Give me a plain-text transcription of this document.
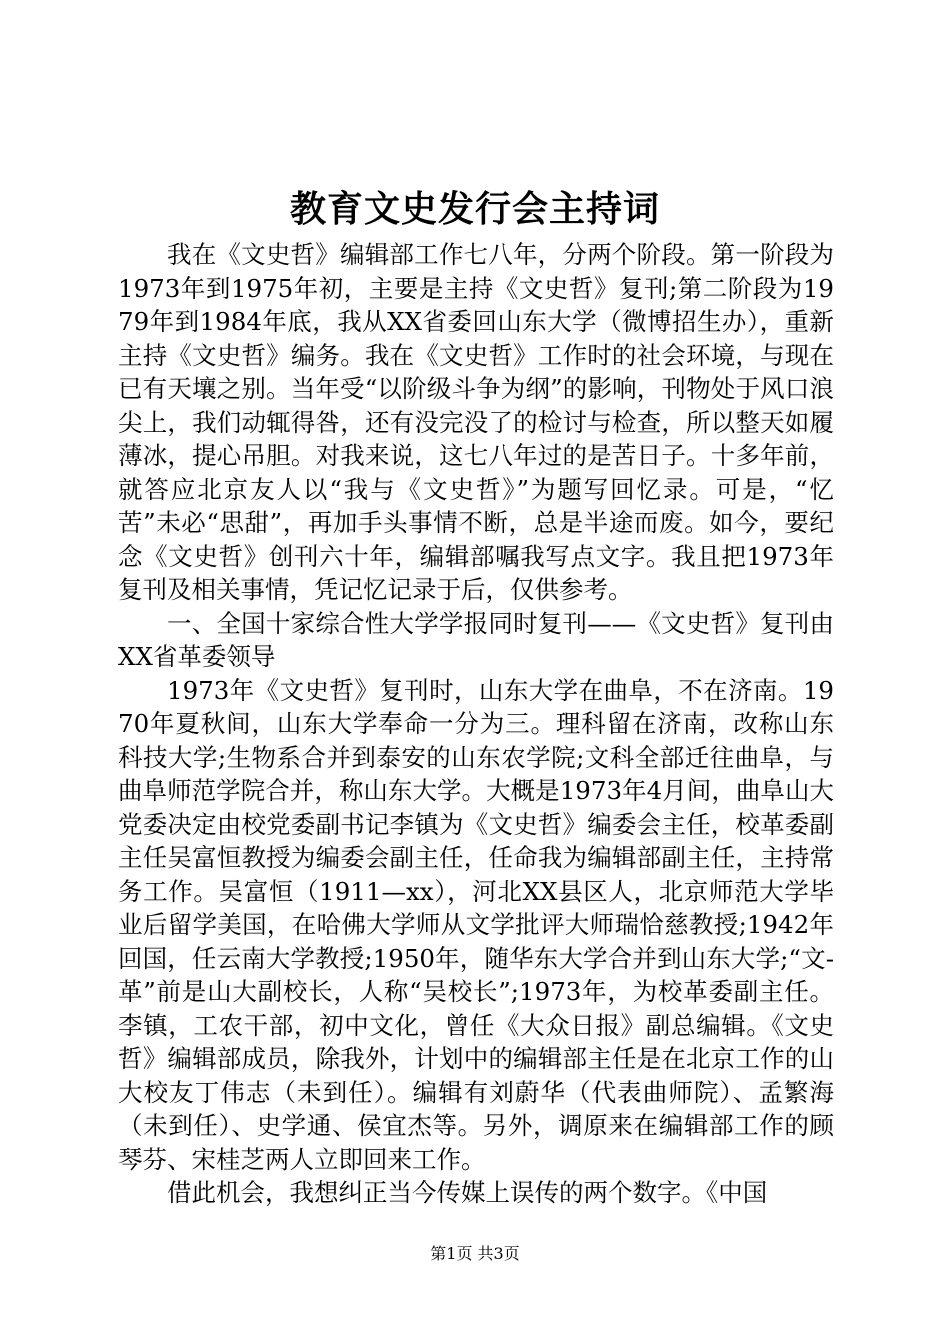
教育文史发行会主持词

我在《文史哲》编辑部工作七八年，分两个阶段。第一阶段为1973年到1975年初，主要是主持《文史哲》复刊;第二阶段为1979年到1984年底，我从XX省委回山东大学（微博招生办），重新主持《文史哲》编务。我在《文史哲》工作时的社会环境，与现在已有天壤之别。当年受“以阶级斗争为纲”的影响，刊物处于风口浪尖上，我们动辄得咎，还有没完没了的检讨与检查，所以整天如履薄冰，提心吊胆。对我来说，这七八年过的是苦日子。十多年前，就答应北京友人以“我与《文史哲》”为题写回忆录。可是，“忆苦”未必“思甜”，再加手头事情不断，总是半途而废。如今，要纪念《文史哲》创刊六十年，编辑部嘱我写点文字。我且把1973年复刊及相关事情，凭记忆记录于后，仅供参考。

一、全国十家综合性大学学报同时复刊——《文史哲》复刊由XX省革委领导

1973年《文史哲》复刊时，山东大学在曲阜，不在济南。1970年夏秋间，山东大学奉命一分为三。理科留在济南，改称山东科技大学;生物系合并到泰安的山东农学院;文科全部迁往曲阜，与曲阜师范学院合并，称山东大学。大概是1973年4月间，曲阜山大党委决定由校党委副书记李镇为《文史哲》编委会主任，校革委副主任吴富恒教授为编委会副主任，任命我为编辑部副主任，主持常务工作。吴富恒（1911—xx），河北XX县区人，北京师范大学毕业后留学美国，在哈佛大学师从文学批评大师瑞恰慈教授;1942年回国，任云南大学教授;1950年，随华东大学合并到山东大学;“文-革”前是山大副校长，人称“吴校长”;1973年，为校革委副主任。李镇，工农干部，初中文化，曾任《大众日报》副总编辑。《文史哲》编辑部成员，除我外，计划中的编辑部主任是在北京工作的山大校友丁伟志（未到任）。编辑有刘蔚华（代表曲师院）、孟繁海（未到任）、史学通、侯宜杰等。另外，调原来在编辑部工作的顾琴芬、宋桂芝两人立即回来工作。

借此机会，我想纠正当今传媒上误传的两个数字。《中国

第1页 共3页
